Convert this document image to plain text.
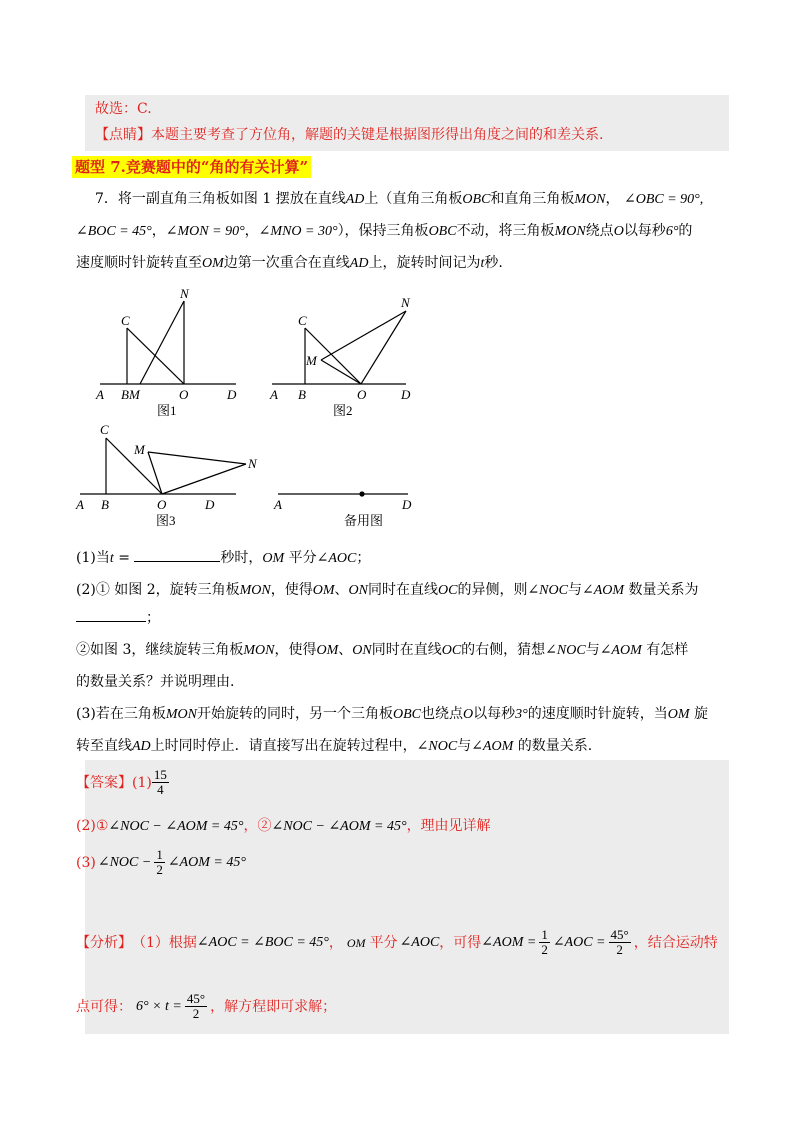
故选：C.
【点睛】本题主要考查了方位角，解题的关键是根据图形得出角度之间的和差关系.
题型 7.竞赛题中的“角的有关计算”
7．将一副直角三角板如图 1 摆放在直线AD上（直角三角板OBC和直角三角板MON， ∠OBC = 90°,
∠BOC = 45°，∠MON = 90°，∠MNO = 30°），保持三角板OBC不动，将三角板MON绕点O以每秒6°的
速度顺时针旋转直至OM边第一次重合在直线AD上，旋转时间记为t秒.
A BM	O	D
C
N
A B	O	D
C
M
N
A B	O	D
C
M
N
A	D
图1	图2
图3	备用图
(1)当t =	秒时，OM 平分∠AOC；
(2)① 如图 2，旋转三角板MON，使得OM、ON同时在直线OC的异侧，则∠NOC与∠AOM 数量关系为
；
②如图 3，继续旋转三角板MON，使得OM、ON同时在直线OC的右侧，猜想∠NOC与∠AOM 有怎样
的数量关系？并说明理由.
(3)若在三角板MON开始旋转的同时，另一个三角板OBC也绕点O以每秒3°的速度顺时针旋转，当OM 旋
转至直线AD上时同时停止．请直接写出在旋转过程中，∠NOC与∠AOM 的数量关系.
【答案】 $(1) \frac{15}{4}$
(2)①∠NOC − ∠AOM = 45°，②∠NOC − ∠AOM = 45°，理由见详解
(3) ∠NOC − $\frac{1}{2}$ ∠AOM = 45°
【分析】 （1）根据 ∠AOC = ∠BOC = 45° ， OM 平分 ∠AOC ，可得 ∠AOM = $\frac{1}{2}$ ∠AOC = $\frac{45^\circ}{2}$ ，结合运动特
点可得： $6^\circ \times t = \frac{45^\circ}{2}$ ，解方程即可求解；
